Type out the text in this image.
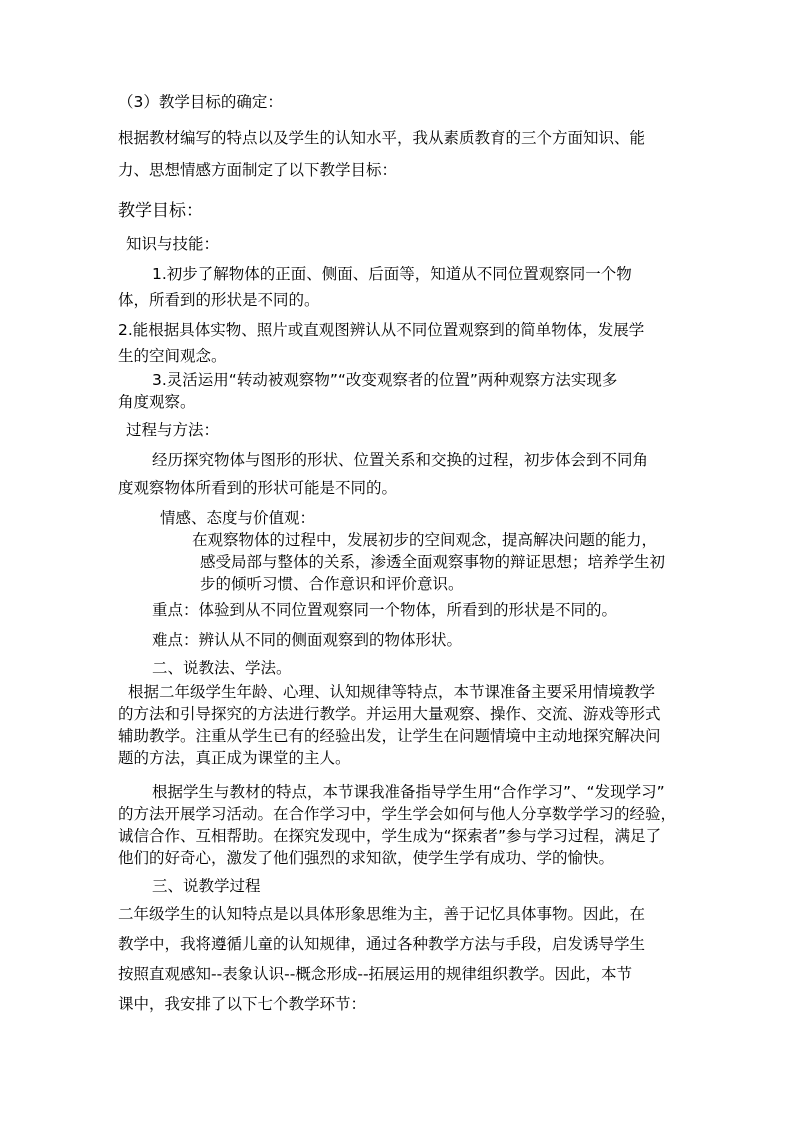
（3）教学目标的确定：
根据教材编写的特点以及学生的认知水平，我从素质教育的三个方面知识、能
力、思想情感方面制定了以下教学目标：
教学目标：
知识与技能：
1.初步了解物体的正面、侧面、后面等，知道从不同位置观察同一个物
体，所看到的形状是不同的。
2.能根据具体实物、照片或直观图辨认从不同位置观察到的简单物体，发展学
生的空间观念。
3.灵活运用“转动被观察物”“改变观察者的位置”两种观察方法实现多
角度观察。
过程与方法：
经历探究物体与图形的形状、位置关系和交换的过程，初步体会到不同角
度观察物体所看到的形状可能是不同的。
情感、态度与价值观：
在观察物体的过程中，发展初步的空间观念，提高解决问题的能力，
感受局部与整体的关系，渗透全面观察事物的辩证思想；培养学生初
步的倾听习惯、合作意识和评价意识。
重点：体验到从不同位置观察同一个物体，所看到的形状是不同的。
难点：辨认从不同的侧面观察到的物体形状。
二、说教法、学法。
根据二年级学生年龄、心理、认知规律等特点，本节课准备主要采用情境教学
的方法和引导探究的方法进行教学。并运用大量观察、操作、交流、游戏等形式
辅助教学。注重从学生已有的经验出发，让学生在问题情境中主动地探究解决问
题的方法，真正成为课堂的主人。
根据学生与教材的特点，本节课我准备指导学生用“合作学习”、“发现学习”
的方法开展学习活动。在合作学习中，学生学会如何与他人分享数学学习的经验，
诚信合作、互相帮助。在探究发现中，学生成为“探索者”参与学习过程，满足了
他们的好奇心，激发了他们强烈的求知欲，使学生学有成功、学的愉快。
三、说教学过程
二年级学生的认知特点是以具体形象思维为主，善于记忆具体事物。因此，在
教学中，我将遵循儿童的认知规律，通过各种教学方法与手段，启发诱导学生
按照直观感知--表象认识--概念形成--拓展运用的规律组织教学。因此，本节
课中，我安排了以下七个教学环节：
